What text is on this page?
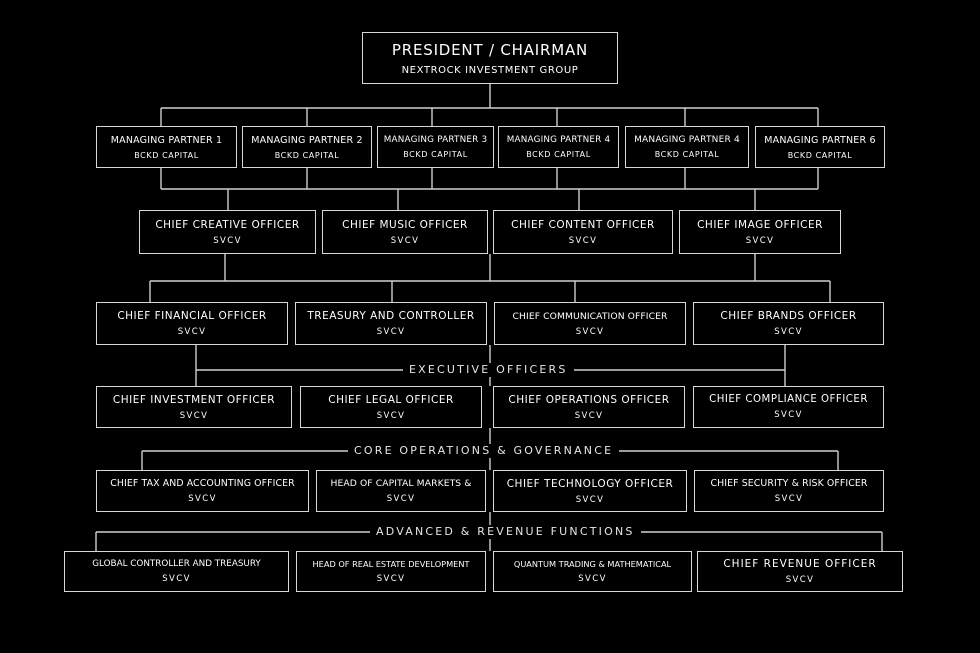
PRESIDENT / CHAIRMAN
NEXTROCK INVESTMENT GROUP
MANAGING PARTNER 1
BCKD CAPITAL
MANAGING PARTNER 2
BCKD CAPITAL
MANAGING PARTNER 3
BCKD CAPITAL
MANAGING PARTNER 4
BCKD CAPITAL
MANAGING PARTNER 4
BCKD CAPITAL
MANAGING PARTNER 6
BCKD CAPITAL
CHIEF CREATIVE OFFICER
SVCV
CHIEF MUSIC OFFICER
SVCV
CHIEF CONTENT OFFICER
SVCV
CHIEF IMAGE OFFICER
SVCV
CHIEF FINANCIAL OFFICER
SVCV
TREASURY AND CONTROLLER
SVCV
CHIEF COMMUNICATION OFFICER
SVCV
CHIEF BRANDS OFFICER
SVCV
EXECUTIVE OFFICERS
CHIEF INVESTMENT OFFICER
SVCV
CHIEF LEGAL OFFICER
SVCV
CHIEF OPERATIONS OFFICER
SVCV
CHIEF COMPLIANCE OFFICER
SVCV
CORE OPERATIONS & GOVERNANCE
CHIEF TAX AND ACCOUNTING OFFICER
SVCV
HEAD OF CAPITAL MARKETS &
SVCV
CHIEF TECHNOLOGY OFFICER
SVCV
CHIEF SECURITY & RISK OFFICER
SVCV
ADVANCED & REVENUE FUNCTIONS
GLOBAL CONTROLLER AND TREASURY
SVCV
HEAD OF REAL ESTATE DEVELOPMENT
SVCV
QUANTUM TRADING & MATHEMATICAL
SVCV
CHIEF REVENUE OFFICER
SVCV
